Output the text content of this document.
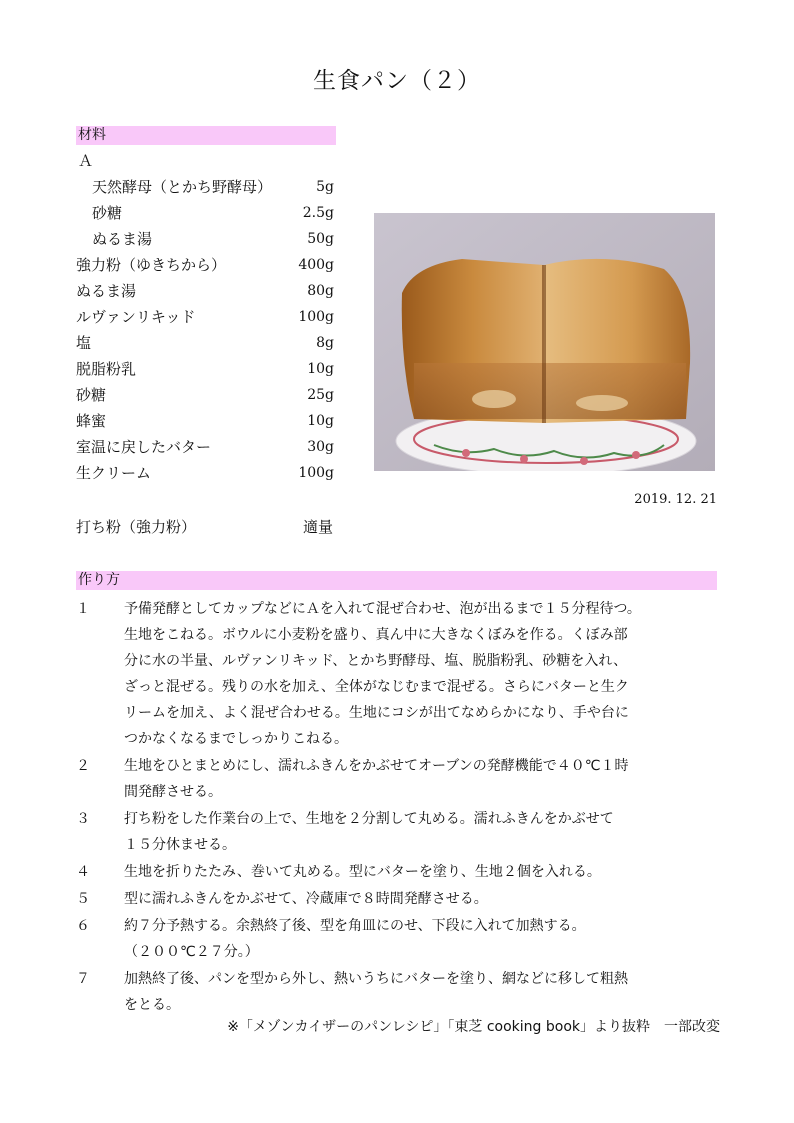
生食パン（２）
材料
Ａ
天然酵母（とかち野酵母）	5g
砂糖	2.5g
ぬるま湯	50g
強力粉（ゆきちから）	400g
ぬるま湯	80g
ルヴァンリキッド	100g
塩	8g
脱脂粉乳	10g
砂糖	25g
蜂蜜	10g
室温に戻したバター	30g
生クリーム	100g
打ち粉（強力粉）	適量
2019. 12. 21
作り方
１	予備発酵としてカップなどにＡを入れて混ぜ合わせ、泡が出るまで１５分程待つ。
生地をこねる。ボウルに小麦粉を盛り、真ん中に大きなくぼみを作る。くぼみ部
分に水の半量、ルヴァンリキッド、とかち野酵母、塩、脱脂粉乳、砂糖を入れ、
ざっと混ぜる。残りの水を加え、全体がなじむまで混ぜる。さらにバターと生ク
リームを加え、よく混ぜ合わせる。生地にコシが出てなめらかになり、手や台に
つかなくなるまでしっかりこねる。
２	生地をひとまとめにし、濡れふきんをかぶせてオーブンの発酵機能で４０℃１時
間発酵させる。
３	打ち粉をした作業台の上で、生地を２分割して丸める。濡れふきんをかぶせて
１５分休ませる。
４	生地を折りたたみ、巻いて丸める。型にバターを塗り、生地２個を入れる。
５	型に濡れふきんをかぶせて、冷蔵庫で８時間発酵させる。
６	約７分予熱する。余熱終了後、型を角皿にのせ、下段に入れて加熱する。
（２００℃２７分。）
７	加熱終了後、パンを型から外し、熱いうちにバターを塗り、網などに移して粗熱
をとる。
※「メゾンカイザーのパンレシピ」「東芝 cooking book」より抜粋　一部改変
